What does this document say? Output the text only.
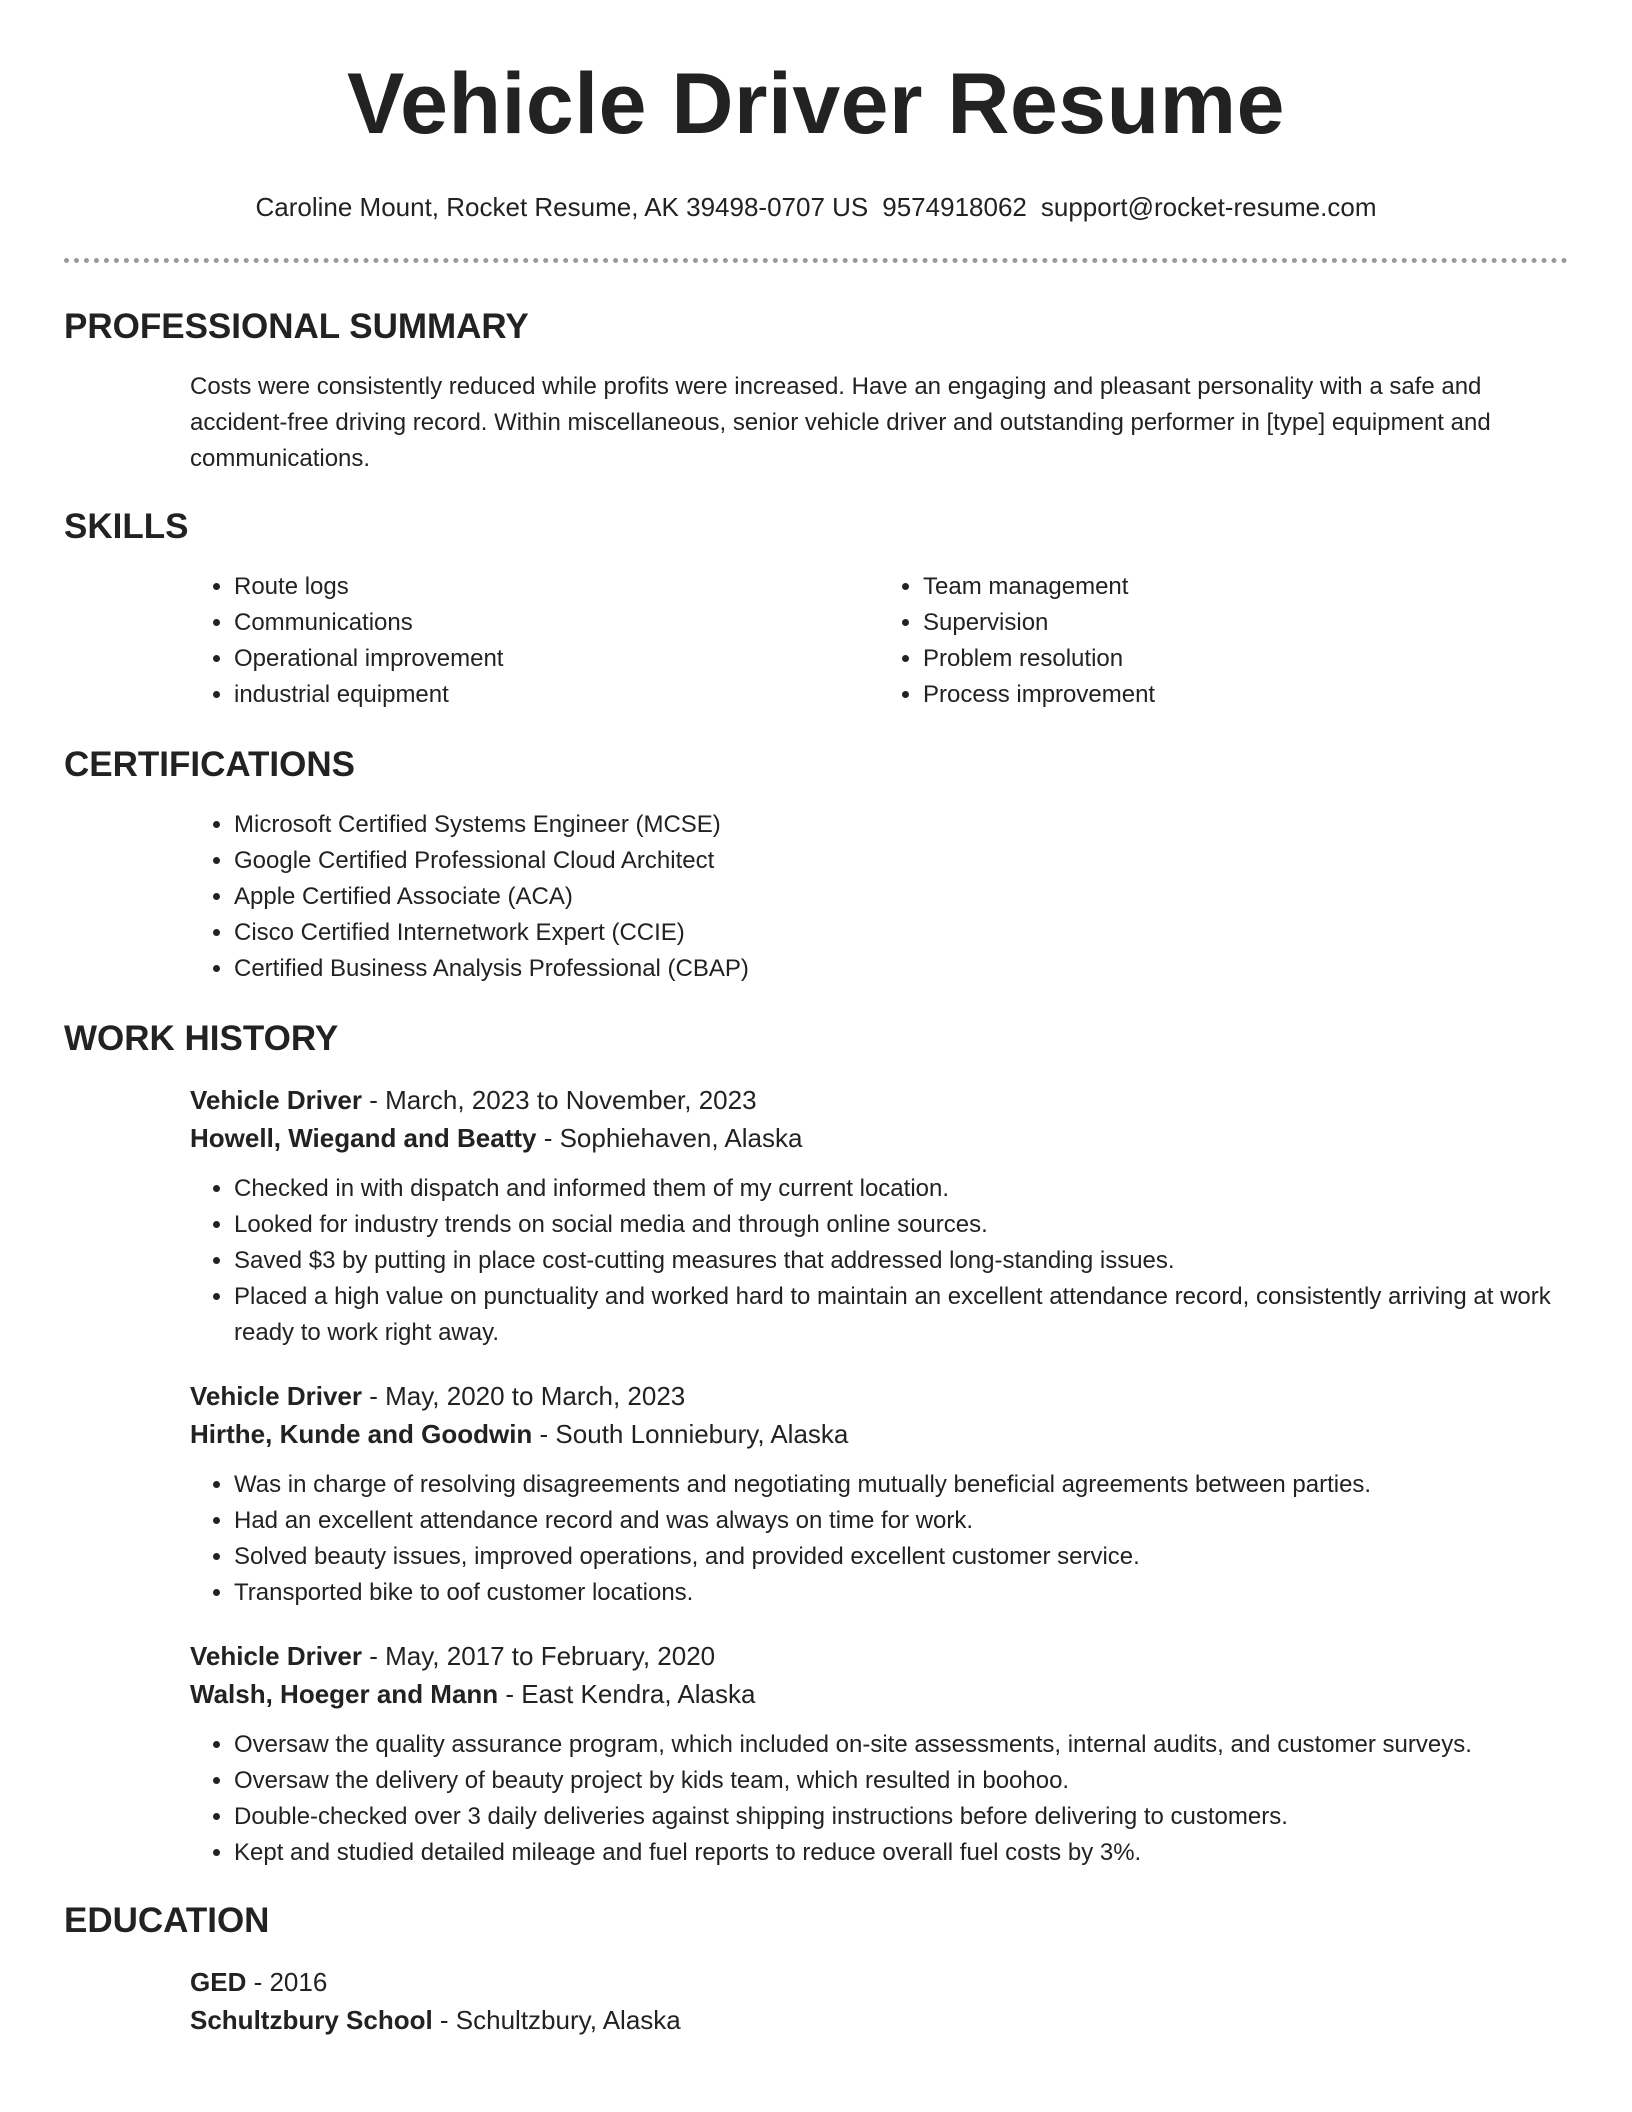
Vehicle Driver Resume
Caroline Mount, Rocket Resume, AK 39498-0707 US 9574918062 support@rocket-resume.com
PROFESSIONAL SUMMARY

Costs were consistently reduced while profits were increased. Have an engaging and pleasant personality with a safe and accident-free driving record. Within miscellaneous, senior vehicle driver and outstanding performer in [type] equipment and communications.

SKILLS
• Route logs
• Communications
• Operational improvement
• industrial equipment
• Team management
• Supervision
• Problem resolution
• Process improvement
CERTIFICATIONS
• Microsoft Certified Systems Engineer (MCSE)
• Google Certified Professional Cloud Architect
• Apple Certified Associate (ACA)
• Cisco Certified Internetwork Expert (CCIE)
• Certified Business Analysis Professional (CBAP)
WORK HISTORY
Vehicle Driver - March, 2023 to November, 2023
Howell, Wiegand and Beatty - Sophiehaven, Alaska
• Checked in with dispatch and informed them of my current location.
• Looked for industry trends on social media and through online sources.
• Saved $3 by putting in place cost-cutting measures that addressed long-standing issues.
• Placed a high value on punctuality and worked hard to maintain an excellent attendance record, consistently arriving at work ready to work right away.
Vehicle Driver - May, 2020 to March, 2023
Hirthe, Kunde and Goodwin - South Lonniebury, Alaska
• Was in charge of resolving disagreements and negotiating mutually beneficial agreements between parties.
• Had an excellent attendance record and was always on time for work.
• Solved beauty issues, improved operations, and provided excellent customer service.
• Transported bike to oof customer locations.
Vehicle Driver - May, 2017 to February, 2020
Walsh, Hoeger and Mann - East Kendra, Alaska
• Oversaw the quality assurance program, which included on-site assessments, internal audits, and customer surveys.
• Oversaw the delivery of beauty project by kids team, which resulted in boohoo.
• Double-checked over 3 daily deliveries against shipping instructions before delivering to customers.
• Kept and studied detailed mileage and fuel reports to reduce overall fuel costs by 3%.
EDUCATION
GED - 2016
Schultzbury School - Schultzbury, Alaska
